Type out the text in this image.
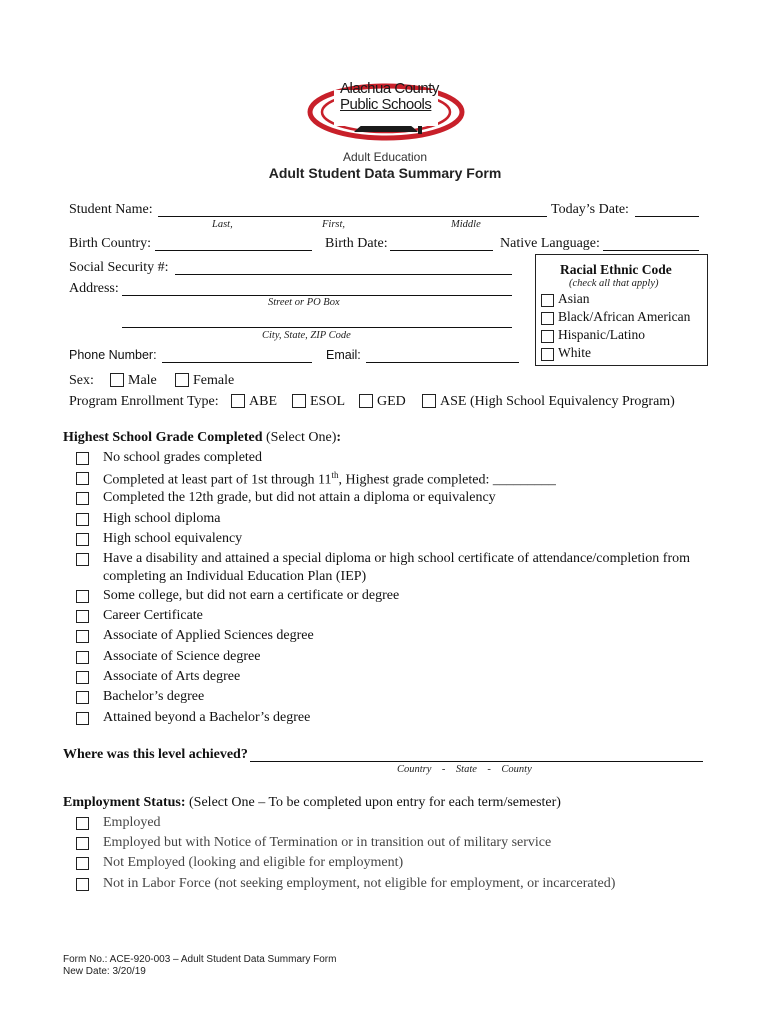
Alachua County
Public Schools
Adult Education
Adult Student Data Summary Form
Student Name:
Last,	First,	Middle
Today’s Date:
Birth Country:	Birth Date:	Native Language:
Social Security #:
Address:
Street or PO Box
City, State, ZIP Code
Phone Number:	Email:
Racial Ethnic Code
(check all that apply)
Asian
Black/African American
Hispanic/Latino
White
Sex: Male	Female
Program Enrollment Type: ABE ESOL GED ASE (High School Equivalency Program)
Highest School Grade Completed (Select One):
No school grades completed
Completed at least part of 1st through 11th, Highest grade completed: _________
Completed the 12th grade, but did not attain a diploma or equivalency
High school diploma
High school equivalency
Have a disability and attained a special diploma or high school certificate of attendance/completion from
completing an Individual Education Plan (IEP)
Some college, but did not earn a certificate or degree
Career Certificate
Associate of Applied Sciences degree
Associate of Science degree
Associate of Arts degree
Bachelor’s degree
Attained beyond a Bachelor’s degree
Where was this level achieved?
Country    -    State    -    County
Employment Status: (Select One – To be completed upon entry for each term/semester)
Employed
Employed but with Notice of Termination or in transition out of military service
Not Employed (looking and eligible for employment)
Not in Labor Force (not seeking employment, not eligible for employment, or incarcerated)
Form No.: ACE-920-003 – Adult Student Data Summary Form
New Date: 3/20/19
